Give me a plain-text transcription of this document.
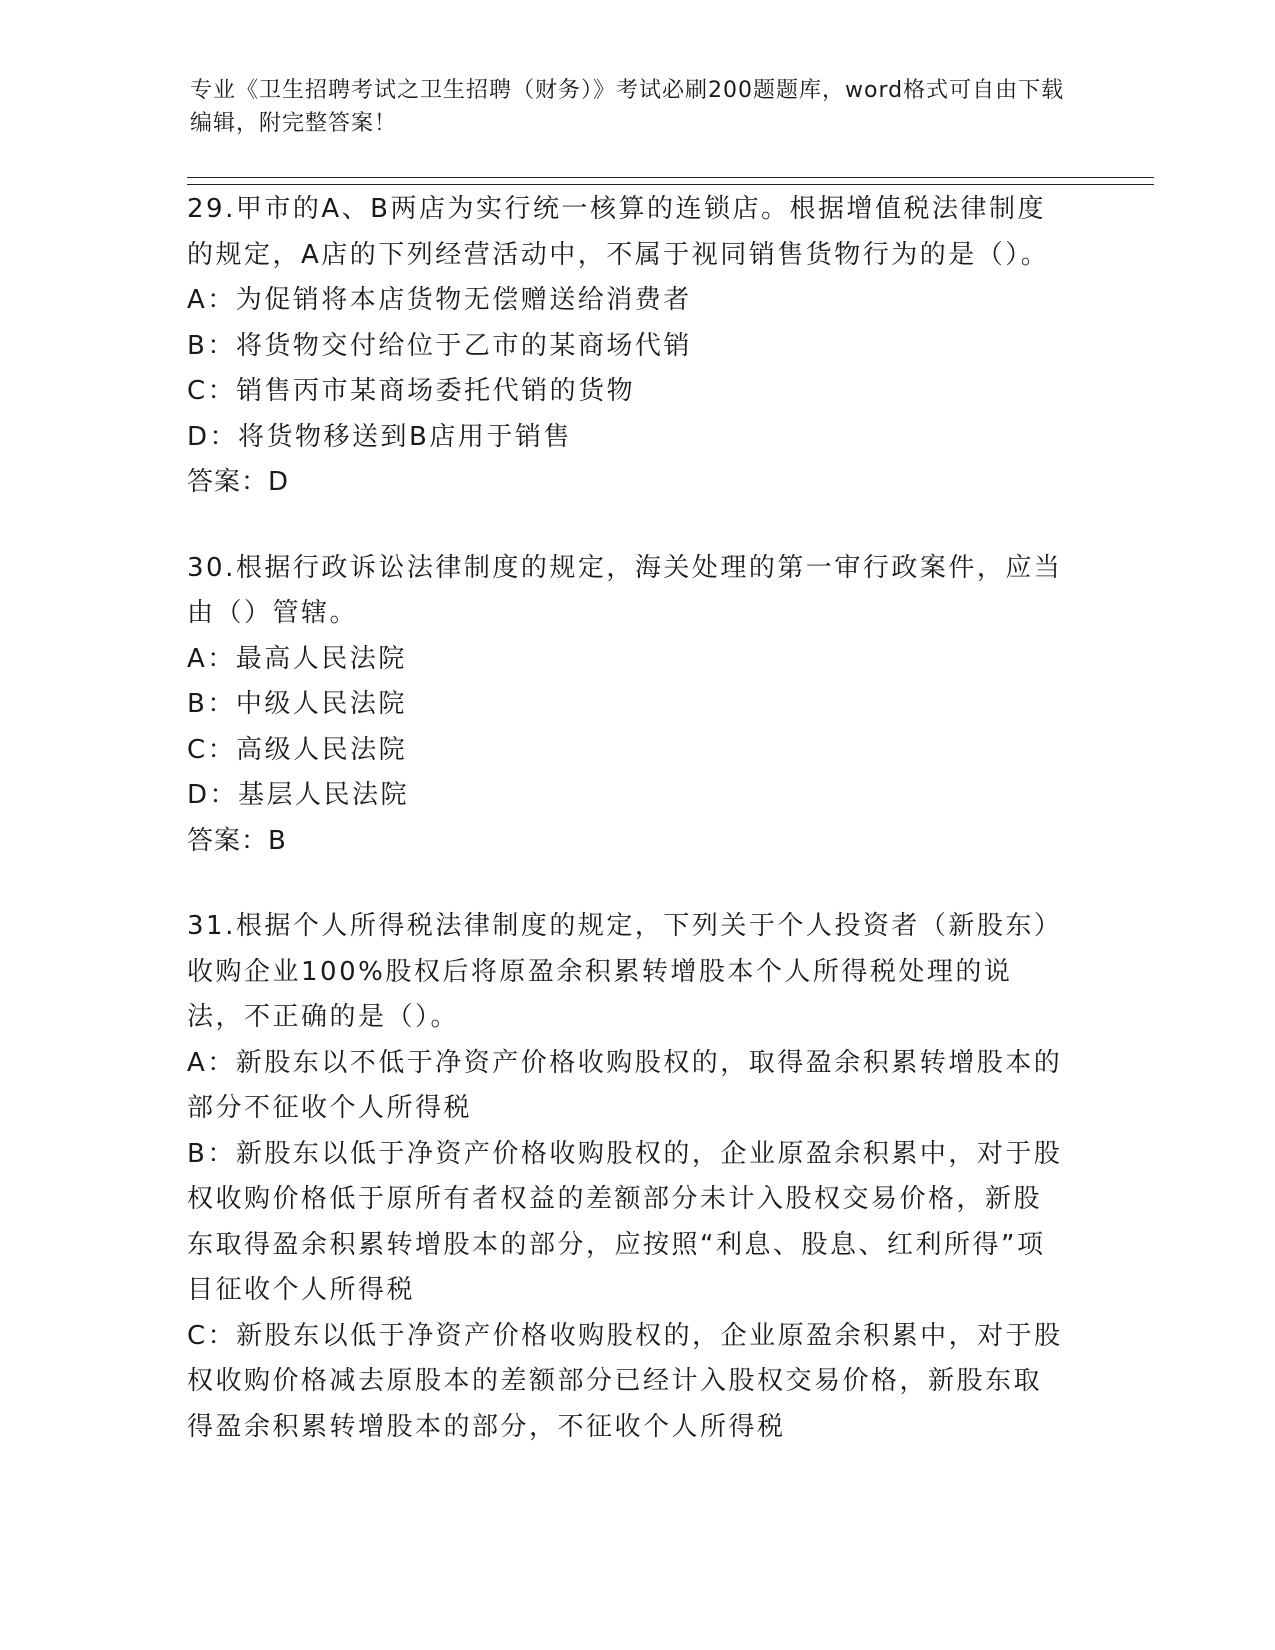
专业《卫生招聘考试之卫生招聘（财务）》考试必刷200题题库，word格式可自由下载编辑，附完整答案！

29.甲市的A、B两店为实行统一核算的连锁店。根据增值税法律制度的规定，A店的下列经营活动中，不属于视同销售货物行为的是（）。

A：为促销将本店货物无偿赠送给消费者

B：将货物交付给位于乙市的某商场代销

C：销售丙市某商场委托代销的货物

D：将货物移送到B店用于销售

答案：D

30.根据行政诉讼法律制度的规定，海关处理的第一审行政案件，应当由（）管辖。

A：最高人民法院

B：中级人民法院

C：高级人民法院

D：基层人民法院

答案：B

31.根据个人所得税法律制度的规定，下列关于个人投资者（新股东）收购企业100%股权后将原盈余积累转增股本个人所得税处理的说法，不正确的是（）。

A：新股东以不低于净资产价格收购股权的，取得盈余积累转增股本的部分不征收个人所得税

B：新股东以低于净资产价格收购股权的，企业原盈余积累中，对于股权收购价格低于原所有者权益的差额部分未计入股权交易价格，新股东取得盈余积累转增股本的部分，应按照“利息、股息、红利所得”项目征收个人所得税

C：新股东以低于净资产价格收购股权的，企业原盈余积累中，对于股权收购价格减去原股本的差额部分已经计入股权交易价格，新股东取得盈余积累转增股本的部分，不征收个人所得税
